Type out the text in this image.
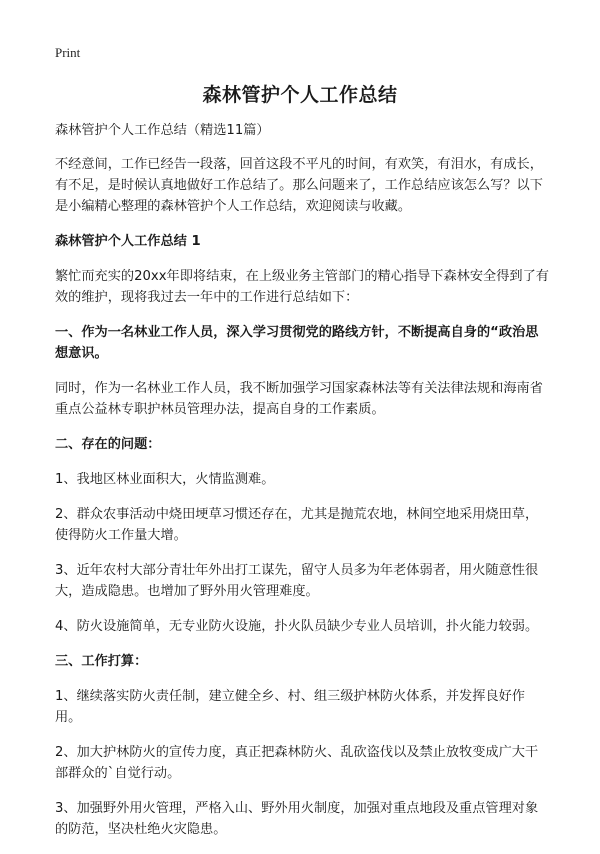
Print
森林管护个人工作总结

森林管护个人工作总结（精选11篇）

不经意间，工作已经告一段落，回首这段不平凡的时间，有欢笑，有泪水，有成长，有不足，是时候认真地做好工作总结了。那么问题来了，工作总结应该怎么写？以下是小编精心整理的森林管护个人工作总结，欢迎阅读与收藏。

森林管护个人工作总结 1

繁忙而充实的20xx年即将结束，在上级业务主管部门的精心指导下森林安全得到了有效的维护，现将我过去一年中的工作进行总结如下：

一、作为一名林业工作人员，深入学习贯彻党的路线方针，不断提高自身的“政治思想意识。

同时，作为一名林业工作人员，我不断加强学习国家森林法等有关法律法规和海南省重点公益林专职护林员管理办法，提高自身的工作素质。

二、存在的问题：

1、我地区林业面积大，火情监测难。

2、群众农事活动中烧田埂草习惯还存在，尤其是抛荒农地，林间空地采用烧田草，使得防火工作量大增。

3、近年农村大部分青壮年外出打工谋先，留守人员多为年老体弱者，用火随意性很大，造成隐患。也增加了野外用火管理难度。

4、防火设施简单，无专业防火设施，扑火队员缺少专业人员培训，扑火能力较弱。

三、工作打算：

1、继续落实防火责任制，建立健全乡、村、组三级护林防火体系，并发挥良好作用。

2、加大护林防火的宣传力度，真正把森林防火、乱砍盗伐以及禁止放牧变成广大干部群众的`自觉行动。

3、加强野外用火管理，严格入山、野外用火制度，加强对重点地段及重点管理对象的防范，坚决杜绝火灾隐患。
